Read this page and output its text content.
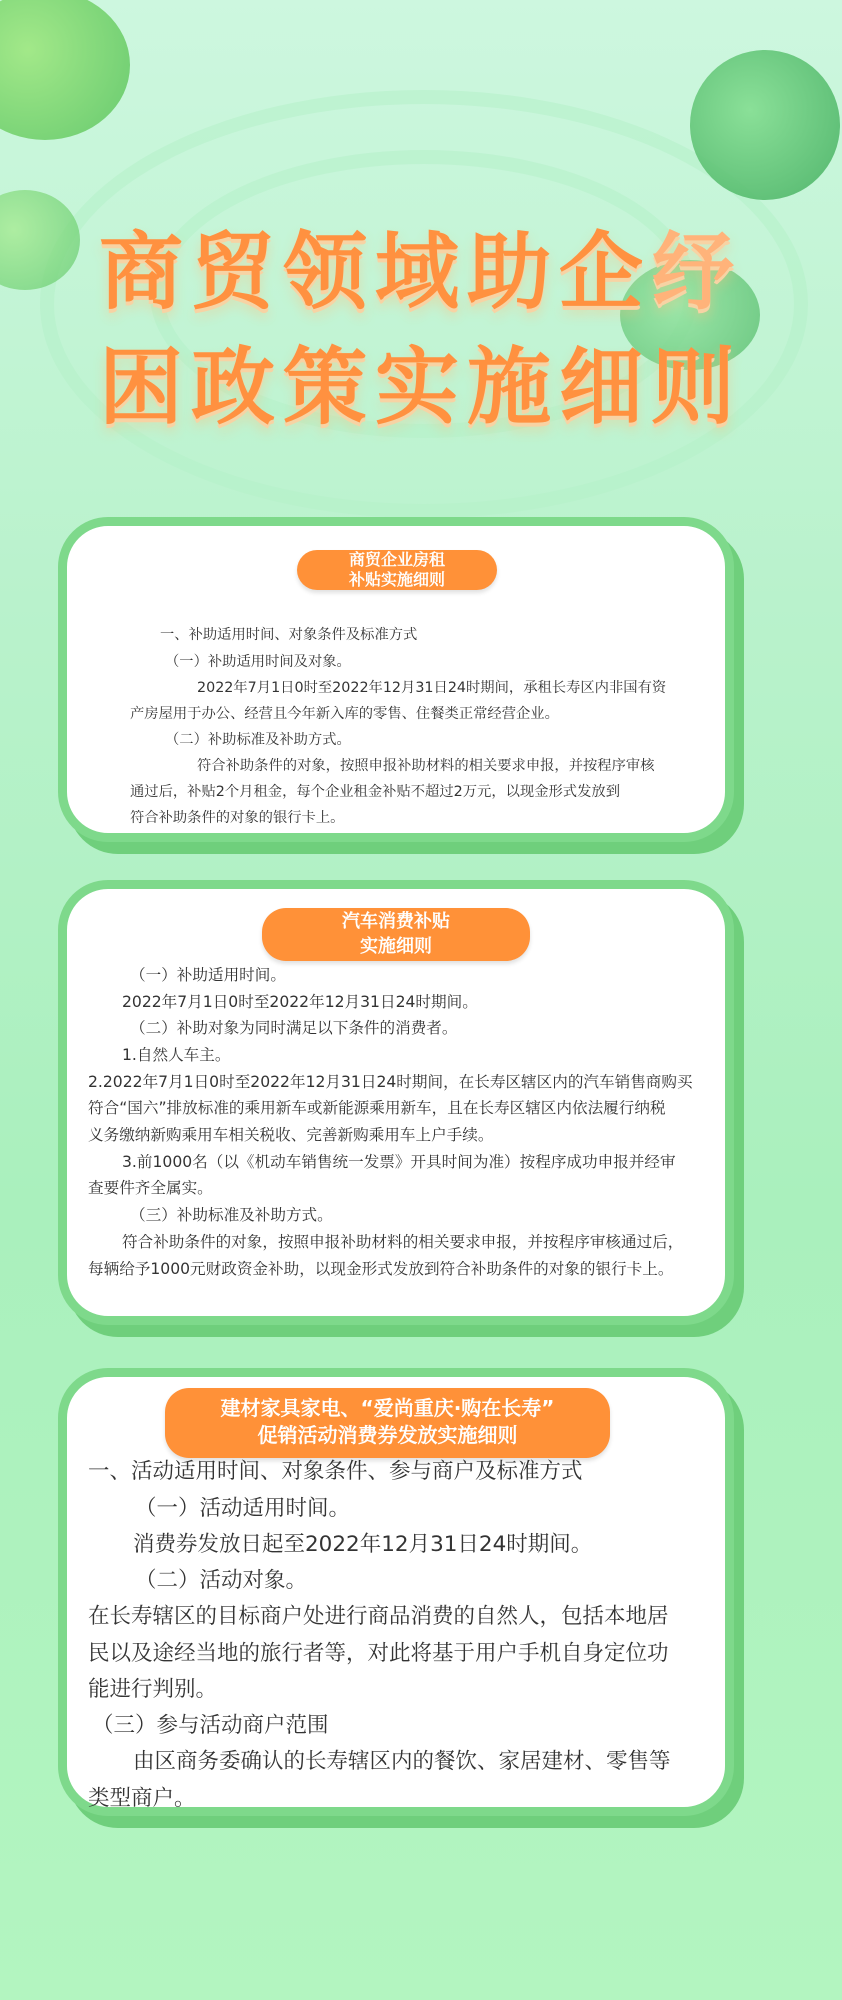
商贸领域助企纾
困政策实施细则
商贸企业房租
补贴实施细则
一、补助适用时间、对象条件及标准方式
（一）补助适用时间及对象。
2022年7月1日0时至2022年12月31日24时期间，承租长寿区内非国有资
产房屋用于办公、经营且今年新入库的零售、住餐类正常经营企业。
（二）补助标准及补助方式。
符合补助条件的对象，按照申报补助材料的相关要求申报，并按程序审核
通过后，补贴2个月租金，每个企业租金补贴不超过2万元，以现金形式发放到
符合补助条件的对象的银行卡上。
汽车消费补贴
实施细则
（一）补助适用时间。
2022年7月1日0时至2022年12月31日24时期间。
（二）补助对象为同时满足以下条件的消费者。
1.自然人车主。
2.2022年7月1日0时至2022年12月31日24时期间，在长寿区辖区内的汽车销售商购买
符合“国六”排放标准的乘用新车或新能源乘用新车，且在长寿区辖区内依法履行纳税
义务缴纳新购乘用车相关税收、完善新购乘用车上户手续。
3.前1000名（以《机动车销售统一发票》开具时间为准）按程序成功申报并经审
查要件齐全属实。
（三）补助标准及补助方式。
符合补助条件的对象，按照申报补助材料的相关要求申报，并按程序审核通过后，
每辆给予1000元财政资金补助，以现金形式发放到符合补助条件的对象的银行卡上。
建材家具家电、“爱尚重庆·购在长寿”
促销活动消费券发放实施细则
一、活动适用时间、对象条件、参与商户及标准方式
（一）活动适用时间。
消费券发放日起至2022年12月31日24时期间。
（二）活动对象。
在长寿辖区的目标商户处进行商品消费的自然人，包括本地居
民以及途经当地的旅行者等，对此将基于用户手机自身定位功
能进行判别。
（三）参与活动商户范围
由区商务委确认的长寿辖区内的餐饮、家居建材、零售等
类型商户。
